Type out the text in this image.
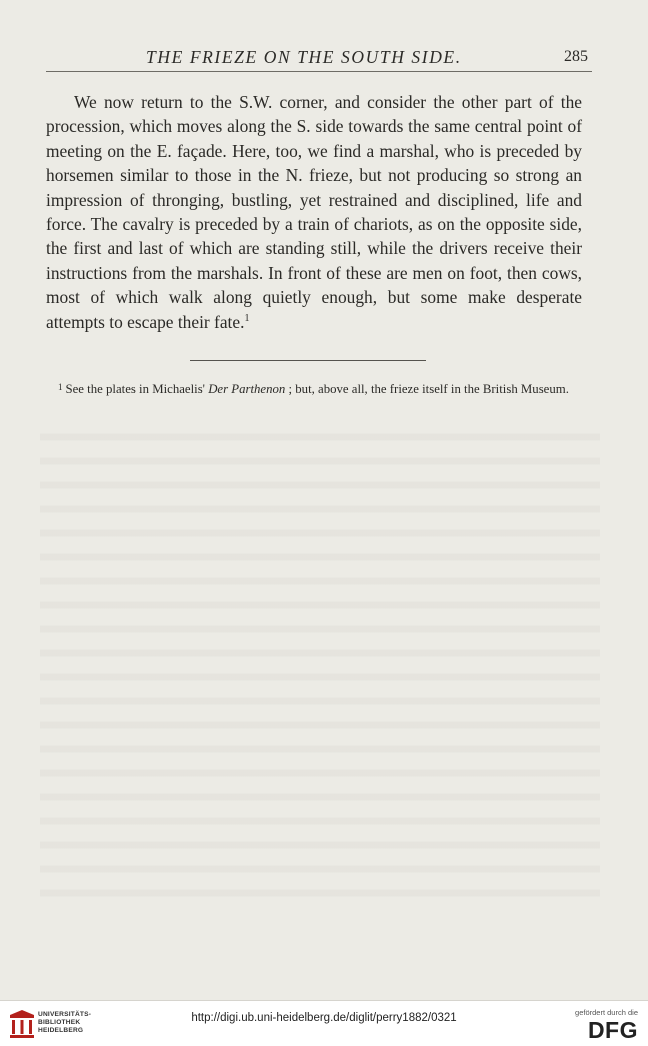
THE FRIEZE ON THE SOUTH SIDE.	285

We now return to the S.W. corner, and consider the other part of the procession, which moves along the S. side towards the same central point of meeting on the E. façade. Here, too, we find a marshal, who is preceded by horsemen similar to those in the N. frieze, but not producing so strong an impression of thronging, bustling, yet restrained and disciplined, life and force. The cavalry is preceded by a train of chariots, as on the opposite side, the first and last of which are standing still, while the drivers receive their instructions from the marshals. In front of these are men on foot, then cows, most of which walk along quietly enough, but some make desperate attempts to escape their fate.$^1$

$^1$ See the plates in Michaelis' Der Parthenon ; but, above all, the frieze itself in the British Museum.

UNIVERSITÄTS-
BIBLIOTHEK
HEIDELBERG
http://digi.ub.uni-heidelberg.de/diglit/perry1882/0321	gefördert durch die
DFG
